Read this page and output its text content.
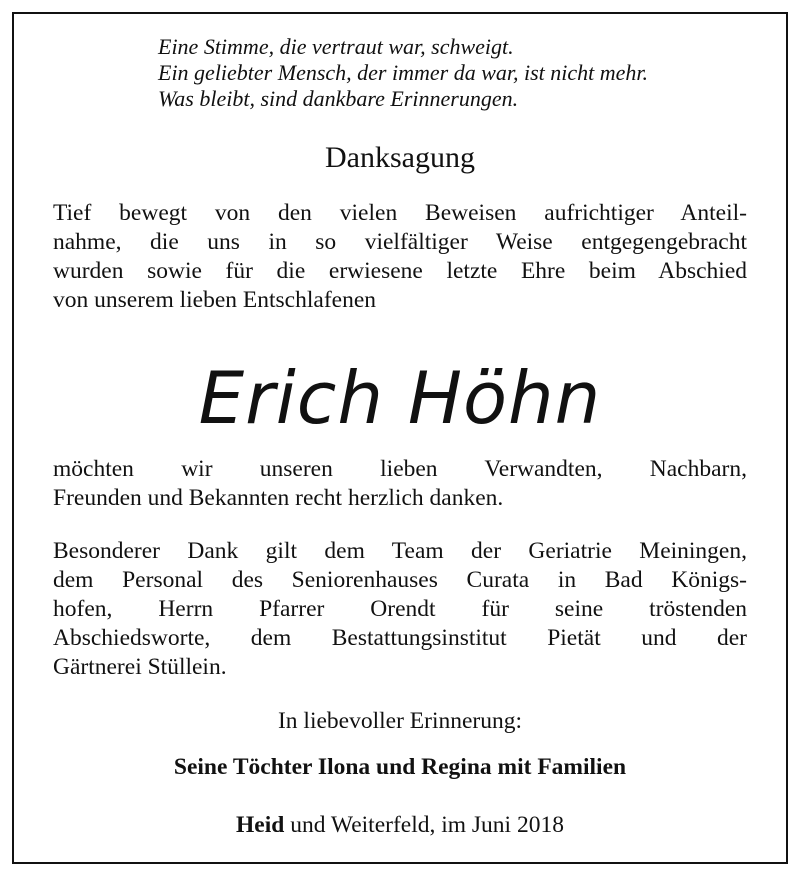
Eine Stimme, die vertraut war, schweigt.
Ein geliebter Mensch, der immer da war, ist nicht mehr.
Was bleibt, sind dankbare Erinnerungen.
Danksagung
Tief bewegt von den vielen Beweisen aufrichtiger Anteil-
nahme, die uns in so vielfältiger Weise entgegengebracht
wurden sowie für die erwiesene letzte Ehre beim Abschied
von unserem lieben Entschlafenen
Erich Höhn
möchten wir unseren lieben Verwandten, Nachbarn,
Freunden und Bekannten recht herzlich danken.
Besonderer Dank gilt dem Team der Geriatrie Meiningen,
dem Personal des Seniorenhauses Curata in Bad Königs-
hofen, Herrn Pfarrer Orendt für seine tröstenden
Abschiedsworte, dem Bestattungsinstitut Pietät und der
Gärtnerei Stüllein.
In liebevoller Erinnerung:
Seine Töchter Ilona und Regina mit Familien
Heid und Weiterfeld, im Juni 2018
